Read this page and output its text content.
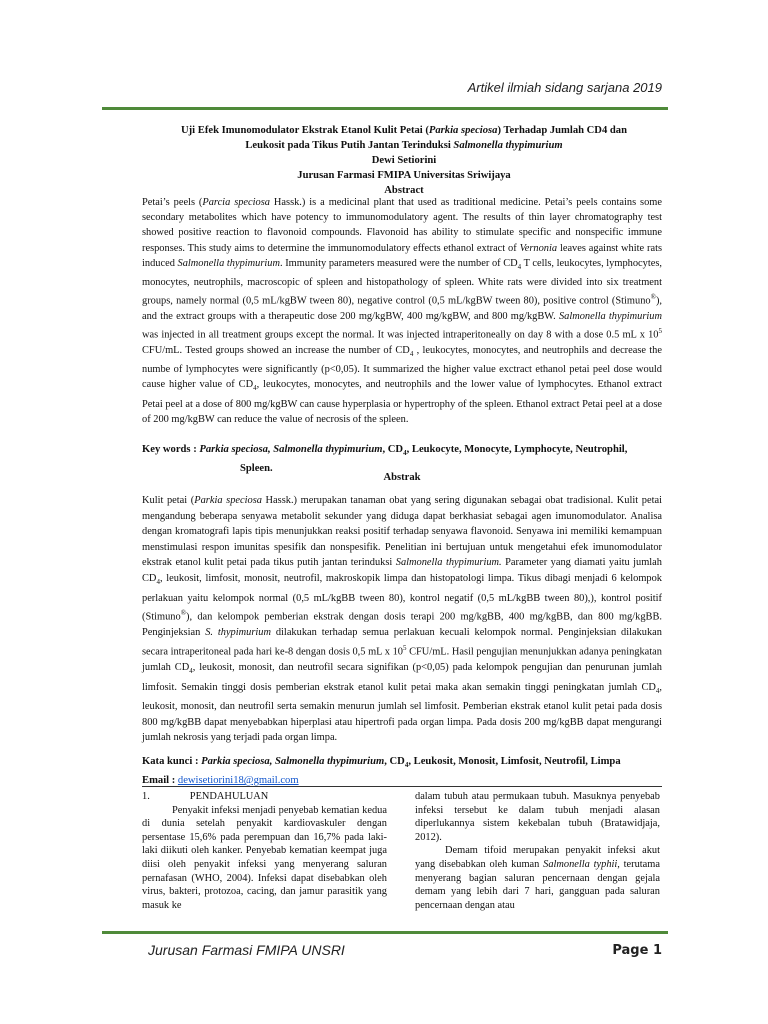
Artikel ilmiah sidang sarjana 2019
Uji Efek Imunomodulator Ekstrak Etanol Kulit Petai (Parkia speciosa) Terhadap Jumlah CD4 dan
Leukosit pada Tikus Putih Jantan Terinduksi Salmonella thypimurium
Dewi Setiorini
Jurusan Farmasi FMIPA Universitas Sriwijaya
Abstract

Petai’s peels (Parcia speciosa Hassk.) is a medicinal plant that used as traditional medicine. Petai’s peels contains some secondary metabolites which have potency to immunomodulatory agent. The results of thin layer chromatography test showed positive reaction to flavonoid compounds. Flavonoid has ability to stimulate specific and nonspecific immune responses. This study aims to determine the immunomodulatory effects ethanol extract of Vernonia leaves against white rats induced Salmonella thypimurium. Immunity parameters measured were the number of $CD_4$ T cells, leukocytes, lymphocytes, monocytes, neutrophils, macroscopic of spleen and histopathology of spleen. White rats were divided into six treatment groups, namely normal (0,5 mL/kgBW tween 80), negative control (0,5 mL/kgBW tween 80), positive control (Stimuno®), and the extract groups with a therapeutic dose 200 mg/kgBW, 400 mg/kgBW, and 800 mg/kgBW. Salmonella thypimurium was injected in all treatment groups except the normal. It was injected intraperitoneally on day 8 with a dose 0.5 mL x $10^5$ CFU/mL. Tested groups showed an increase the number of $CD_4$ , leukocytes, monocytes, and neutrophils and decrease the numbe of lymphocytes were significantly (p<0,05). It summarized the higher value exctract ethanol petai peel dose would cause higher value of $CD_4$, leukocytes, monocytes, and neutrophils and the lower value of lymphocytes. Ethanol extract Petai peel at a dose of 800 mg/kgBW can cause hyperplasia or hypertrophy of the spleen. Ethanol extract Petai peel at a dose of 200 mg/kgBW can reduce the value of necrosis of the spleen.

Key words : Parkia speciosa, Salmonella thypimurium, $CD_4$, Leukocyte, Monocyte, Lymphocyte, Neutrophil,
Spleen.
Abstrak

Kulit petai (Parkia speciosa Hassk.) merupakan tanaman obat yang sering digunakan sebagai obat tradisional. Kulit petai mengandung beberapa senyawa metabolit sekunder yang diduga dapat berkhasiat sebagai agen imunomodulator. Analisa dengan kromatografi lapis tipis menunjukkan reaksi positif terhadap senyawa flavonoid. Senyawa ini memiliki kemampuan menstimulasi respon imunitas spesifik dan nonspesifik. Penelitian ini bertujuan untuk mengetahui efek imunomodulator ekstrak etanol kulit petai pada tikus putih jantan terinduksi Salmonella thypimurium. Parameter yang diamati yaitu jumlah $CD_4$, leukosit, limfosit, monosit, neutrofil, makroskopik limpa dan histopatologi limpa. Tikus dibagi menjadi 6 kelompok perlakuan yaitu kelompok normal (0,5 mL/kgBB tween 80), kontrol negatif (0,5 mL/kgBB tween 80),), kontrol positif (Stimuno®), dan kelompok pemberian ekstrak dengan dosis terapi 200 mg/kgBB, 400 mg/kgBB, dan 800 mg/kgBB. Penginjeksian S. thypimurium dilakukan terhadap semua perlakuan kecuali kelompok normal. Penginjeksian dilakukan secara intraperitoneal pada hari ke-8 dengan dosis 0,5 mL x $10^5$ CFU/mL. Hasil pengujian menunjukkan adanya peningkatan jumlah $CD_4$, leukosit, monosit, dan neutrofil secara signifikan (p<0,05) pada kelompok pengujian dan penurunan jumlah limfosit. Semakin tinggi dosis pemberian ekstrak etanol kulit petai maka akan semakin tinggi peningkatan jumlah $CD_4$, leukosit, monosit, dan neutrofil serta semakin menurun jumlah sel limfosit. Pemberian ekstrak etanol kulit petai pada dosis 800 mg/kgBB dapat menyebabkan hiperplasi atau hipertrofi pada organ limpa. Pada dosis 200 mg/kgBB dapat mengurangi jumlah nekrosis yang terjadi pada organ limpa.

Kata kunci : Parkia speciosa, Salmonella thypimurium, $CD_4$, Leukosit, Monosit, Limfosit, Neutrofil, Limpa
Email : dewisetiorini18@gmail.com
1.	PENDAHULUAN

Penyakit infeksi menjadi penyebab kematian kedua di dunia setelah penyakit kardiovaskuler dengan persentase 15,6% pada perempuan dan 16,7% pada laki-laki diikuti oleh kanker. Penyebab kematian keempat juga diisi oleh penyakit infeksi yang menyerang saluran pernafasan (WHO, 2004). Infeksi dapat disebabkan oleh virus, bakteri, protozoa, cacing, dan jamur parasitik yang masuk ke

dalam tubuh atau permukaan tubuh. Masuknya penyebab infeksi tersebut ke dalam tubuh menjadi alasan diperlukannya sistem kekebalan tubuh (Bratawidjaja, 2012).

Demam tifoid merupakan penyakit infeksi akut yang disebabkan oleh kuman Salmonella typhii, terutama menyerang bagian saluran pencernaan dengan gejala demam yang lebih dari 7 hari, gangguan pada saluran pencernaan dengan atau

Jurusan Farmasi FMIPA UNSRI	Page 1
